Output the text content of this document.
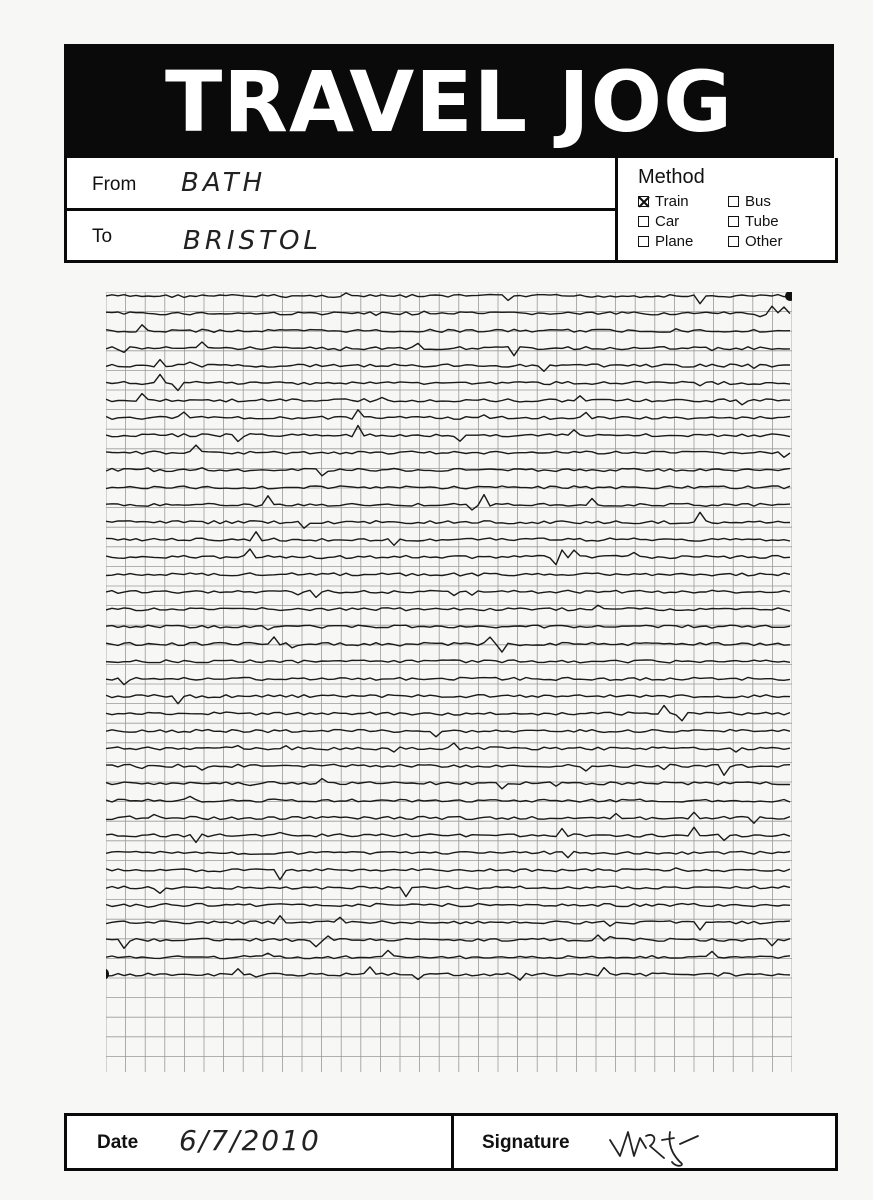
TRAVEL JOG
From BATH
To	BRISTOL
Method
Train
Car
Plane
Bus
Tube
Other
Date 6/7/2010	Signature
